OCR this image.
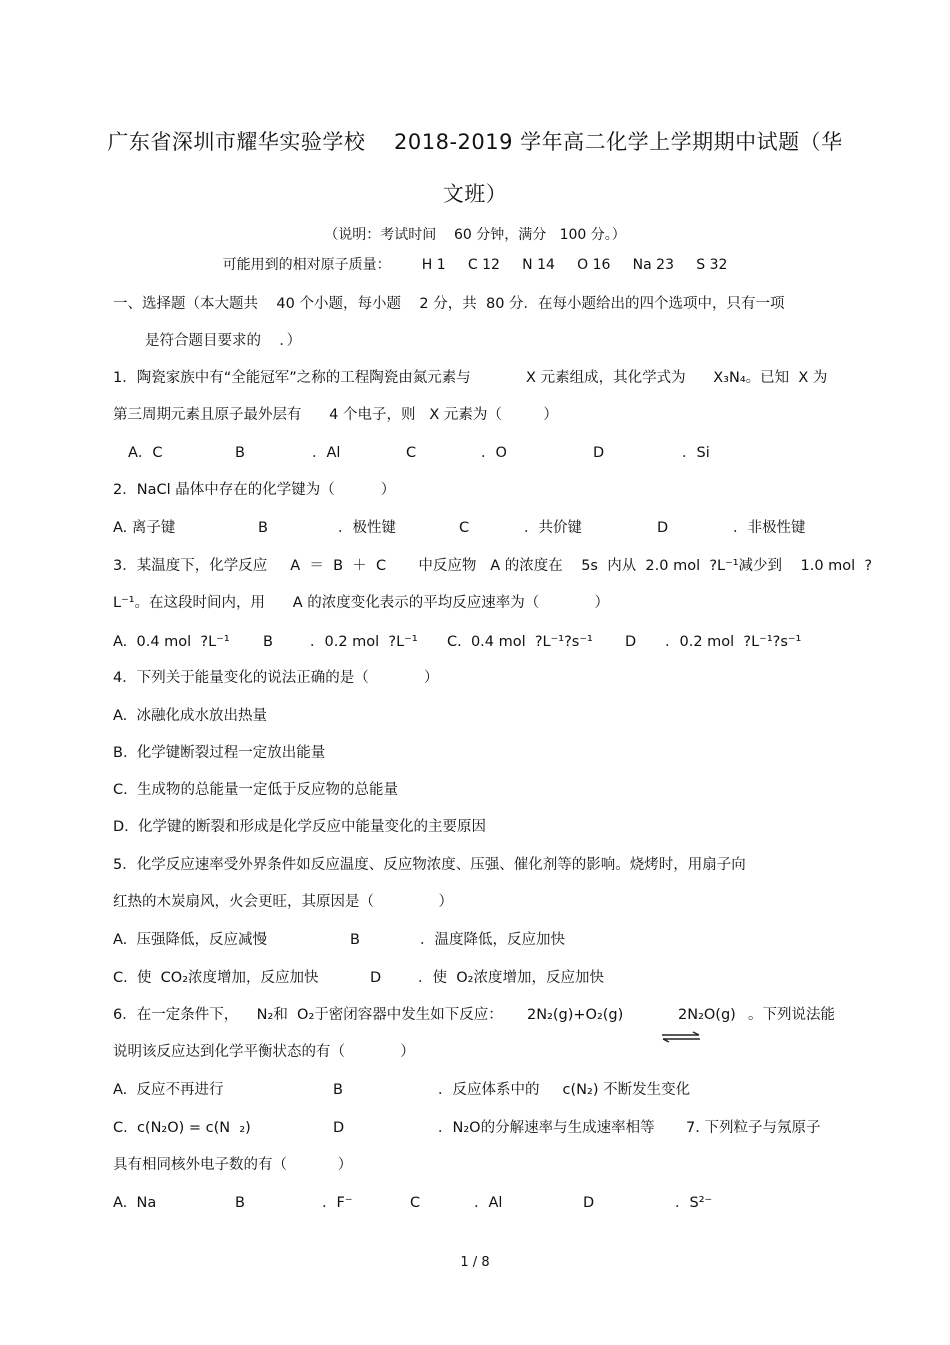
广东省深圳市耀华实验学校    2018-2019 学年高二化学上学期期中试题（华
文班）
（说明：考试时间    60 分钟，满分   100 分。）
可能用到的相对原子质量：       H 1     C 12     N 14     O 16     Na 23     S 32
一、选择题（本大题共    40 个小题，每小题    2 分，共  80 分．在每小题给出的四个选项中，只有一项
是符合题目要求的    ．）
1．陶瓷家族中有“全能冠军”之称的工程陶瓷由氮元素与            X 元素组成，其化学式为      X₃N₄。已知  X 为
第三周期元素且原子最外层有      4 个电子，则   X 元素为（         ）
A．C	B	．Al	C	．O	D	．Si
2．NaCl 晶体中存在的化学键为（          ）
A. 离子键	B	．极性键	C	．共价键	D	．非极性键
3．某温度下，化学反应     A  ＝  B  ＋  C       中反应物   A 的浓度在    5s  内从  2.0 mol  ?L⁻¹减少到    1.0 mol  ?
L⁻¹。在这段时间内，用      A 的浓度变化表示的平均反应速率为（            ）
A.  0.4 mol  ?L⁻¹ B	．0.2 mol  ?L⁻¹ C.  0.4 mol  ?L⁻¹?s⁻¹ D ．0.2 mol  ?L⁻¹?s⁻¹
4．下列关于能量变化的说法正确的是（            ）
A.  冰融化成水放出热量
B.  化学键断裂过程一定放出能量
C.  生成物的总能量一定低于反应物的总能量
D.  化学键的断裂和形成是化学反应中能量变化的主要原因
5．化学反应速率受外界条件如反应温度、反应物浓度、压强、催化剂等的影响。烧烤时，用扇子向
红热的木炭扇风，火会更旺，其原因是（              ）
A.  压强降低，反应减慢	B	．温度降低，反应加快
C.  使  CO₂浓度增加，反应加快	D	．使  O₂浓度增加，反应加快
6．在一定条件下，    N₂和  O₂于密闭容器中发生如下反应： 2N₂(g)+O₂(g)

	2N₂O(g) 。下列说法能
说明该反应达到化学平衡状态的有（            ）
A.  反应不再进行	B	．反应体系中的     c(N₂) 不断发生变化
C.  c(N₂O) = c(N  ₂)	D	．N₂O的分解速率与生成速率相等 7. 下列粒子与氖原子
具有相同核外电子数的有（           ）
A.  Na	B	．F⁻	C	．Al	D	．S²⁻
1 / 8
